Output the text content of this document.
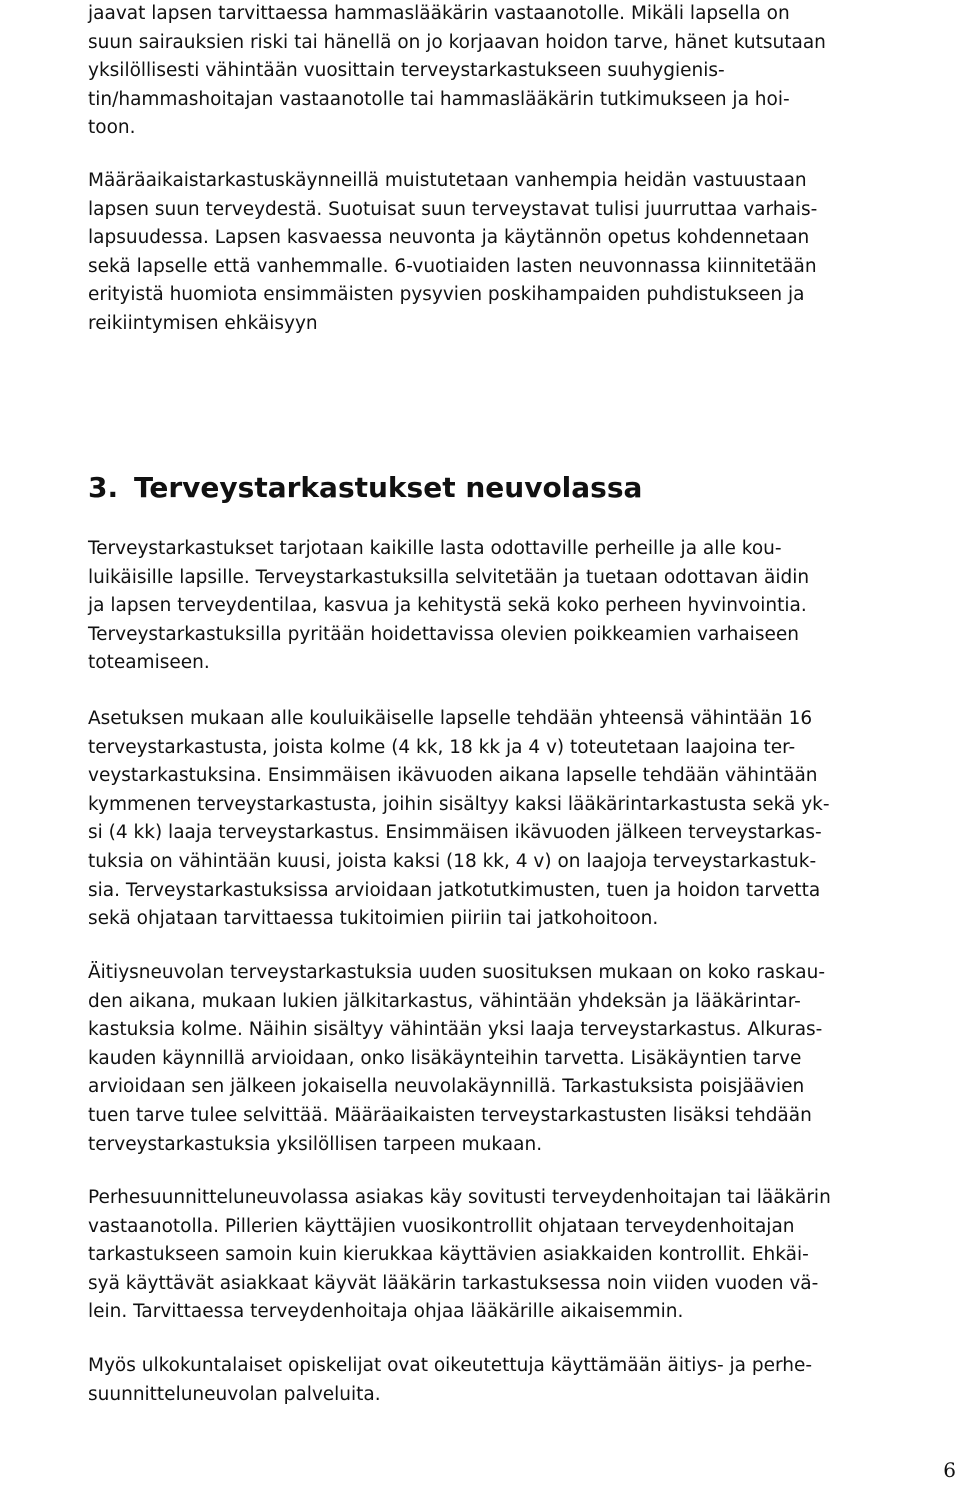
jaavat lapsen tarvittaessa hammaslääkärin vastaanotolle. Mikäli lapsella on
suun sairauksien riski tai hänellä on jo korjaavan hoidon tarve, hänet kutsutaan
yksilöllisesti vähintään vuosittain terveystarkastukseen suuhygienis-
tin/hammashoitajan vastaanotolle tai hammaslääkärin tutkimukseen ja hoi-
toon.

Määräaikaistarkastuskäynneillä muistutetaan vanhempia heidän vastuustaan
lapsen suun terveydestä. Suotuisat suun terveystavat tulisi juurruttaa varhais-
lapsuudessa. Lapsen kasvaessa neuvonta ja käytännön opetus kohdennetaan
sekä lapselle että vanhemmalle. 6-vuotiaiden lasten neuvonnassa kiinnitetään
erityistä huomiota ensimmäisten pysyvien poskihampaiden puhdistukseen ja
reikiintymisen ehkäisyyn

3. Terveystarkastukset neuvolassa

Terveystarkastukset tarjotaan kaikille lasta odottaville perheille ja alle kou-
luikäisille lapsille. Terveystarkastuksilla selvitetään ja tuetaan odottavan äidin
ja lapsen terveydentilaa, kasvua ja kehitystä sekä koko perheen hyvinvointia.
Terveystarkastuksilla pyritään hoidettavissa olevien poikkeamien varhaiseen
toteamiseen.

Asetuksen mukaan alle kouluikäiselle lapselle tehdään yhteensä vähintään 16
terveystarkastusta, joista kolme (4 kk, 18 kk ja 4 v) toteutetaan laajoina ter-
veystarkastuksina. Ensimmäisen ikävuoden aikana lapselle tehdään vähintään
kymmenen terveystarkastusta, joihin sisältyy kaksi lääkärintarkastusta sekä yk-
si (4 kk) laaja terveystarkastus. Ensimmäisen ikävuoden jälkeen terveystarkas-
tuksia on vähintään kuusi, joista kaksi (18 kk, 4 v) on laajoja terveystarkastuk-
sia. Terveystarkastuksissa arvioidaan jatkotutkimusten, tuen ja hoidon tarvetta
sekä ohjataan tarvittaessa tukitoimien piiriin tai jatkohoitoon.

Äitiysneuvolan terveystarkastuksia uuden suosituksen mukaan on koko raskau-
den aikana, mukaan lukien jälkitarkastus, vähintään yhdeksän ja lääkärintar-
kastuksia kolme. Näihin sisältyy vähintään yksi laaja terveystarkastus. Alkuras-
kauden käynnillä arvioidaan, onko lisäkäynteihin tarvetta. Lisäkäyntien tarve
arvioidaan sen jälkeen jokaisella neuvolakäynnillä. Tarkastuksista poisjäävien
tuen tarve tulee selvittää. Määräaikaisten terveystarkastusten lisäksi tehdään
terveystarkastuksia yksilöllisen tarpeen mukaan.

Perhesuunnitteluneuvolassa asiakas käy sovitusti terveydenhoitajan tai lääkärin
vastaanotolla. Pillerien käyttäjien vuosikontrollit ohjataan terveydenhoitajan
tarkastukseen samoin kuin kierukkaa käyttävien asiakkaiden kontrollit. Ehkäi-
syä käyttävät asiakkaat käyvät lääkärin tarkastuksessa noin viiden vuoden vä-
lein. Tarvittaessa terveydenhoitaja ohjaa lääkärille aikaisemmin.

Myös ulkokuntalaiset opiskelijat ovat oikeutettuja käyttämään äitiys- ja perhe-
suunnitteluneuvolan palveluita.

6
